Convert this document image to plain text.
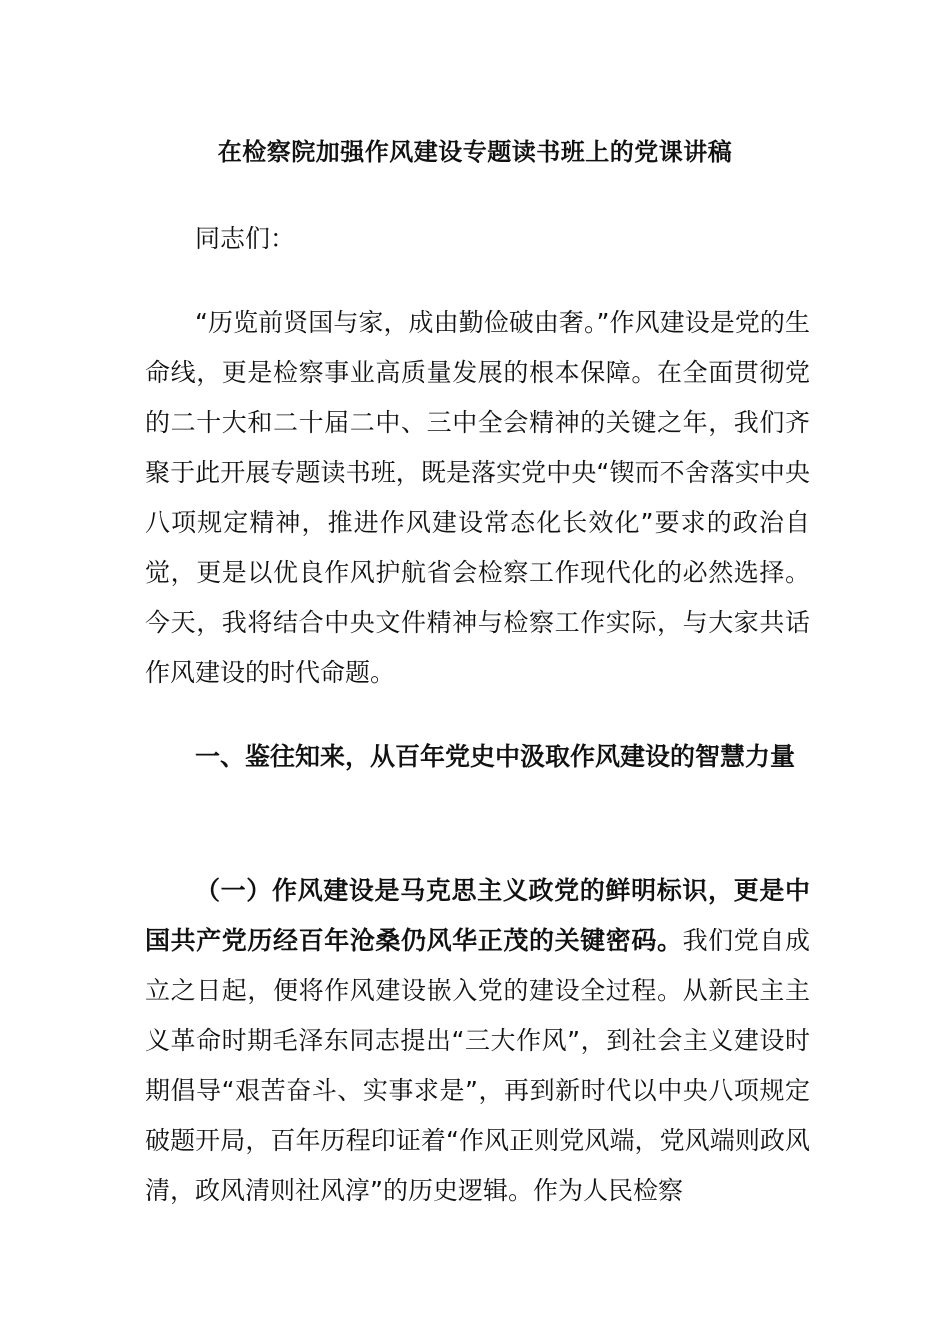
在检察院加强作风建设专题读书班上的党课讲稿

同志们：

“历览前贤国与家，成由勤俭破由奢。”作风建设是党的生命线，更是检察事业高质量发展的根本保障。在全面贯彻党的二十大和二十届二中、三中全会精神的关键之年，我们齐聚于此开展专题读书班，既是落实党中央“锲而不舍落实中央八项规定精神，推进作风建设常态化长效化”要求的政治自觉，更是以优良作风护航省会检察工作现代化的必然选择。今天，我将结合中央文件精神与检察工作实际，与大家共话作风建设的时代命题。

一、鉴往知来，从百年党史中汲取作风建设的智慧力量

（一）作风建设是马克思主义政党的鲜明标识，更是中国共产党历经百年沧桑仍风华正茂的关键密码。我们党自成立之日起，便将作风建设嵌入党的建设全过程。从新民主主义革命时期毛泽东同志提出“三大作风”，到社会主义建设时期倡导“艰苦奋斗、实事求是”，再到新时代以中央八项规定破题开局，百年历程印证着“作风正则党风端，党风端则政风清，政风清则社风淳”的历史逻辑。作为人民检察
